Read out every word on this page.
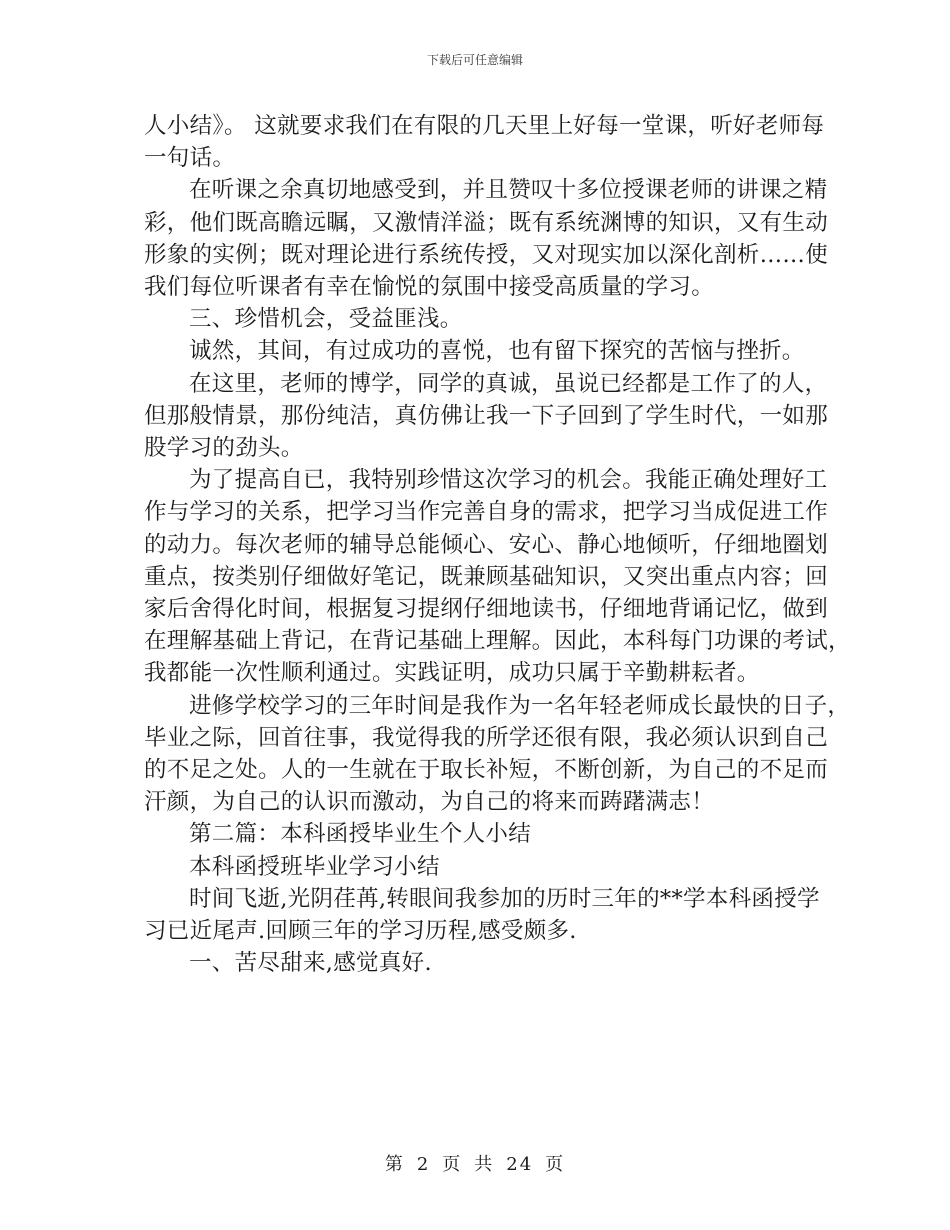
下载后可任意编辑
人小结》。 这就要求我们在有限的几天里上好每一堂课，听好老师每
一句话。
在听课之余真切地感受到，并且赞叹十多位授课老师的讲课之精
彩，他们既高瞻远瞩，又激情洋溢；既有系统渊博的知识，又有生动
形象的实例；既对理论进行系统传授，又对现实加以深化剖析……使
我们每位听课者有幸在愉悦的氛围中接受高质量的学习。
三、珍惜机会，受益匪浅。
诚然，其间，有过成功的喜悦，也有留下探究的苦恼与挫折。
在这里，老师的博学，同学的真诚，虽说已经都是工作了的人，
但那般情景，那份纯洁，真仿佛让我一下子回到了学生时代，一如那
股学习的劲头。
为了提高自已，我特别珍惜这次学习的机会。我能正确处理好工
作与学习的关系，把学习当作完善自身的需求，把学习当成促进工作
的动力。每次老师的辅导总能倾心、安心、静心地倾听，仔细地圈划
重点，按类别仔细做好笔记，既兼顾基础知识，又突出重点内容；回
家后舍得化时间，根据复习提纲仔细地读书，仔细地背诵记忆，做到
在理解基础上背记，在背记基础上理解。因此，本科每门功课的考试，
我都能一次性顺利通过。实践证明，成功只属于辛勤耕耘者。
进修学校学习的三年时间是我作为一名年轻老师成长最快的日子，
毕业之际，回首往事，我觉得我的所学还很有限，我必须认识到自己
的不足之处。人的一生就在于取长补短，不断创新，为自己的不足而
汗颜，为自己的认识而激动，为自己的将来而踌躇满志！
第二篇：本科函授毕业生个人小结
本科函授班毕业学习小结
时间飞逝,光阴荏苒,转眼间我参加的历时三年的**学本科函授学
习已近尾声.回顾三年的学习历程,感受颇多.
一、苦尽甜来,感觉真好.
第 2 页 共 24 页
